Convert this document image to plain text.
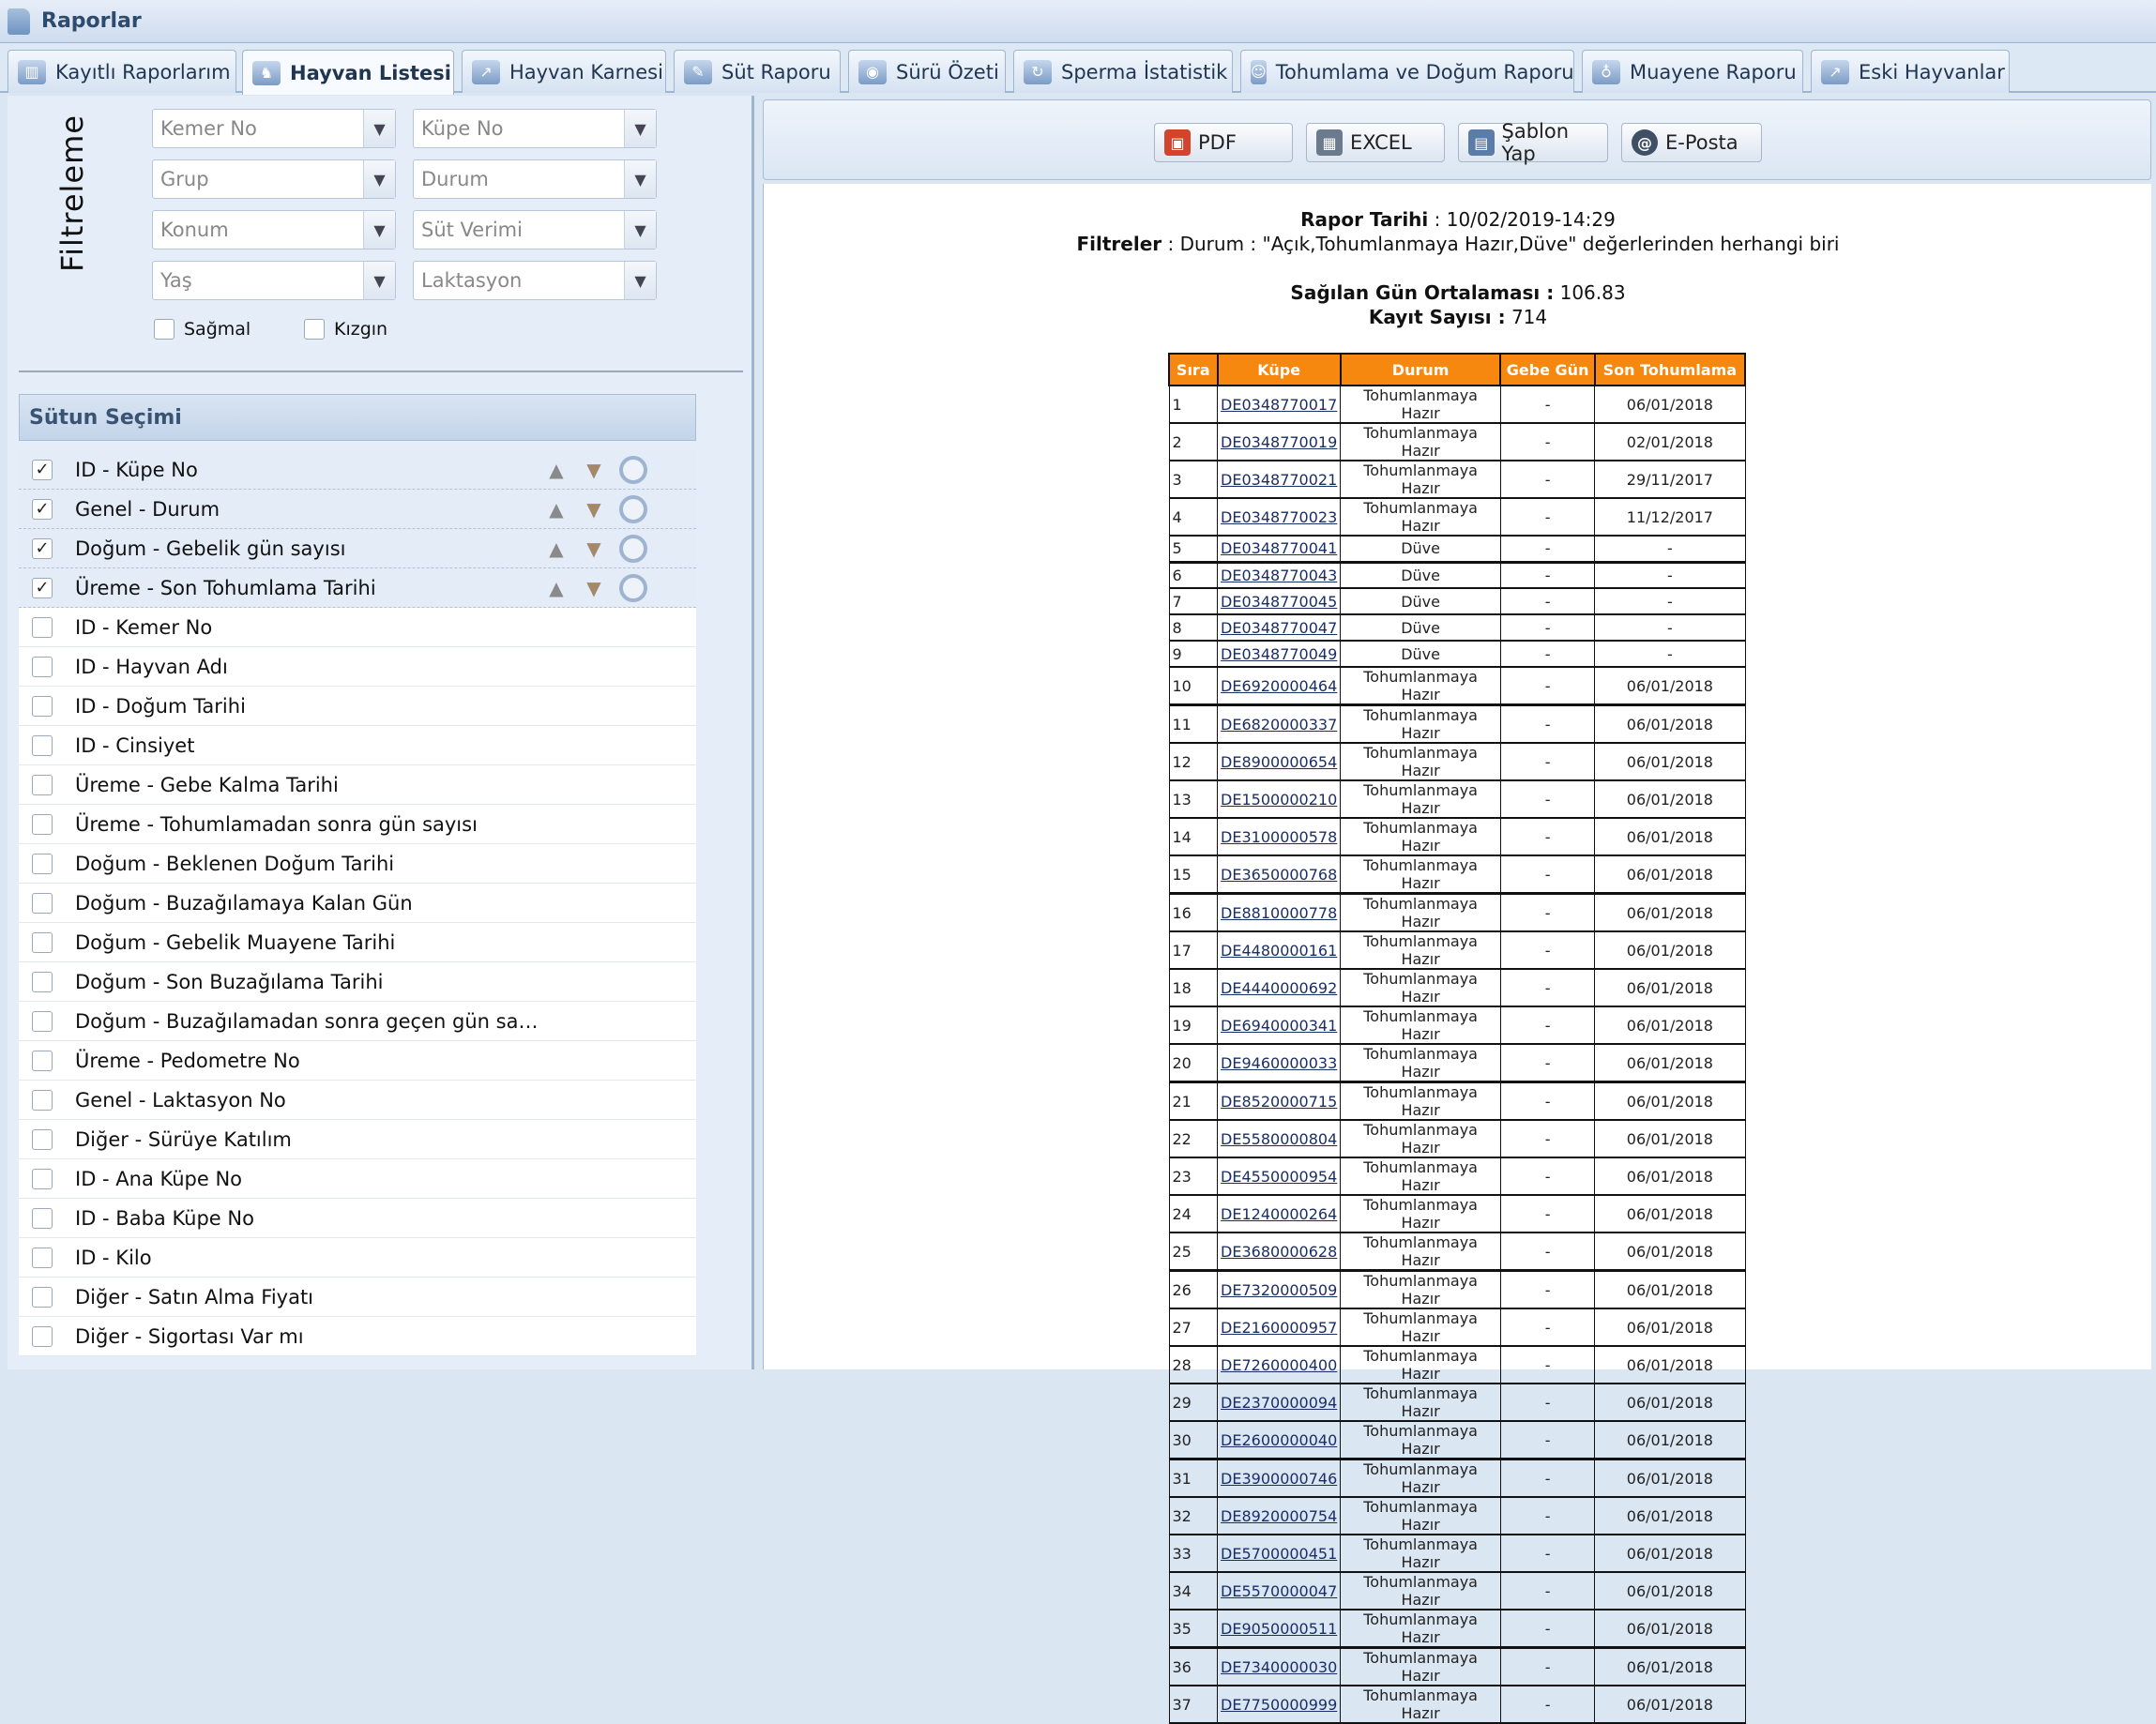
Raporlar
▥ Kayıtlı Raporlarım	♞ Hayvan Listesi	↗ Hayvan Karnesi	✎ Süt Raporu	◉ Sürü Özeti	↻ Sperma İstatistik ☺ Tohumlama ve Doğum Raporu	♁ Muayene Raporu	↗ Eski Hayvanlar
Filtreleme	Kemer No	▼	Küpe No	▼
Grup	▼	Durum	▼
Konum	▼	Süt Verimi	▼
Yaş	▼	Laktasyon	▼
Sağmal	Kızgın
Sütun Seçimi
✓ ID - Küpe No	▲ ▼
✓ Genel - Durum	▲ ▼
✓ Doğum - Gebelik gün sayısı	▲ ▼
✓ Üreme - Son Tohumlama Tarihi	▲ ▼
ID - Kemer No
ID - Hayvan Adı
ID - Doğum Tarihi
ID - Cinsiyet
Üreme - Gebe Kalma Tarihi
Üreme - Tohumlamadan sonra gün sayısı
Doğum - Beklenen Doğum Tarihi
Doğum - Buzağılamaya Kalan Gün
Doğum - Gebelik Muayene Tarihi
Doğum - Son Buzağılama Tarihi
Doğum - Buzağılamadan sonra geçen gün sa…
Üreme - Pedometre No
Genel - Laktasyon No
Diğer - Sürüye Katılım
ID - Ana Küpe No
ID - Baba Küpe No
ID - Kilo
Diğer - Satın Alma Fiyatı
Diğer - Sigortası Var mı
▣ PDF	▦ EXCEL	▤ Şablon Yap	@ E-Posta
Rapor Tarihi : 10/02/2019-14:29
Filtreler : Durum : "Açık,Tohumlanmaya Hazır,Düve" değerlerinden herhangi biri
Sağılan Gün Ortalaması : 106.83
Kayıt Sayısı : 714
Sıra	Küpe	Durum	Gebe Gün	Son Tohumlama
1	DE0348770017	Tohumlanmaya Hazır	-	06/01/2018
2	DE0348770019	Tohumlanmaya Hazır	-	02/01/2018
3	DE0348770021	Tohumlanmaya Hazır	-	29/11/2017
4	DE0348770023	Tohumlanmaya Hazır	-	11/12/2017
5	DE0348770041	Düve	-	-
6	DE0348770043	Düve	-	-
7	DE0348770045	Düve	-	-
8	DE0348770047	Düve	-	-
9	DE0348770049	Düve	-	-
10	DE6920000464	Tohumlanmaya Hazır	-	06/01/2018
11	DE6820000337	Tohumlanmaya Hazır	-	06/01/2018
12	DE8900000654	Tohumlanmaya Hazır	-	06/01/2018
13	DE1500000210	Tohumlanmaya Hazır	-	06/01/2018
14	DE3100000578	Tohumlanmaya Hazır	-	06/01/2018
15	DE3650000768	Tohumlanmaya Hazır	-	06/01/2018
16	DE8810000778	Tohumlanmaya Hazır	-	06/01/2018
17	DE4480000161	Tohumlanmaya Hazır	-	06/01/2018
18	DE4440000692	Tohumlanmaya Hazır	-	06/01/2018
19	DE6940000341	Tohumlanmaya Hazır	-	06/01/2018
20	DE9460000033	Tohumlanmaya Hazır	-	06/01/2018
21	DE8520000715	Tohumlanmaya Hazır	-	06/01/2018
22	DE5580000804	Tohumlanmaya Hazır	-	06/01/2018
23	DE4550000954	Tohumlanmaya Hazır	-	06/01/2018
24	DE1240000264	Tohumlanmaya Hazır	-	06/01/2018
25	DE3680000628	Tohumlanmaya Hazır	-	06/01/2018
26	DE7320000509	Tohumlanmaya Hazır	-	06/01/2018
27	DE2160000957	Tohumlanmaya Hazır	-	06/01/2018
28	DE7260000400	Tohumlanmaya Hazır	-	06/01/2018
29	DE2370000094	Tohumlanmaya Hazır	-	06/01/2018
30	DE2600000040	Tohumlanmaya Hazır	-	06/01/2018
31	DE3900000746	Tohumlanmaya Hazır	-	06/01/2018
32	DE8920000754	Tohumlanmaya Hazır	-	06/01/2018
33	DE5700000451	Tohumlanmaya Hazır	-	06/01/2018
34	DE5570000047	Tohumlanmaya Hazır	-	06/01/2018
35	DE9050000511	Tohumlanmaya Hazır	-	06/01/2018
36	DE7340000030	Tohumlanmaya Hazır	-	06/01/2018
37	DE7750000999	Tohumlanmaya Hazır	-	06/01/2018
